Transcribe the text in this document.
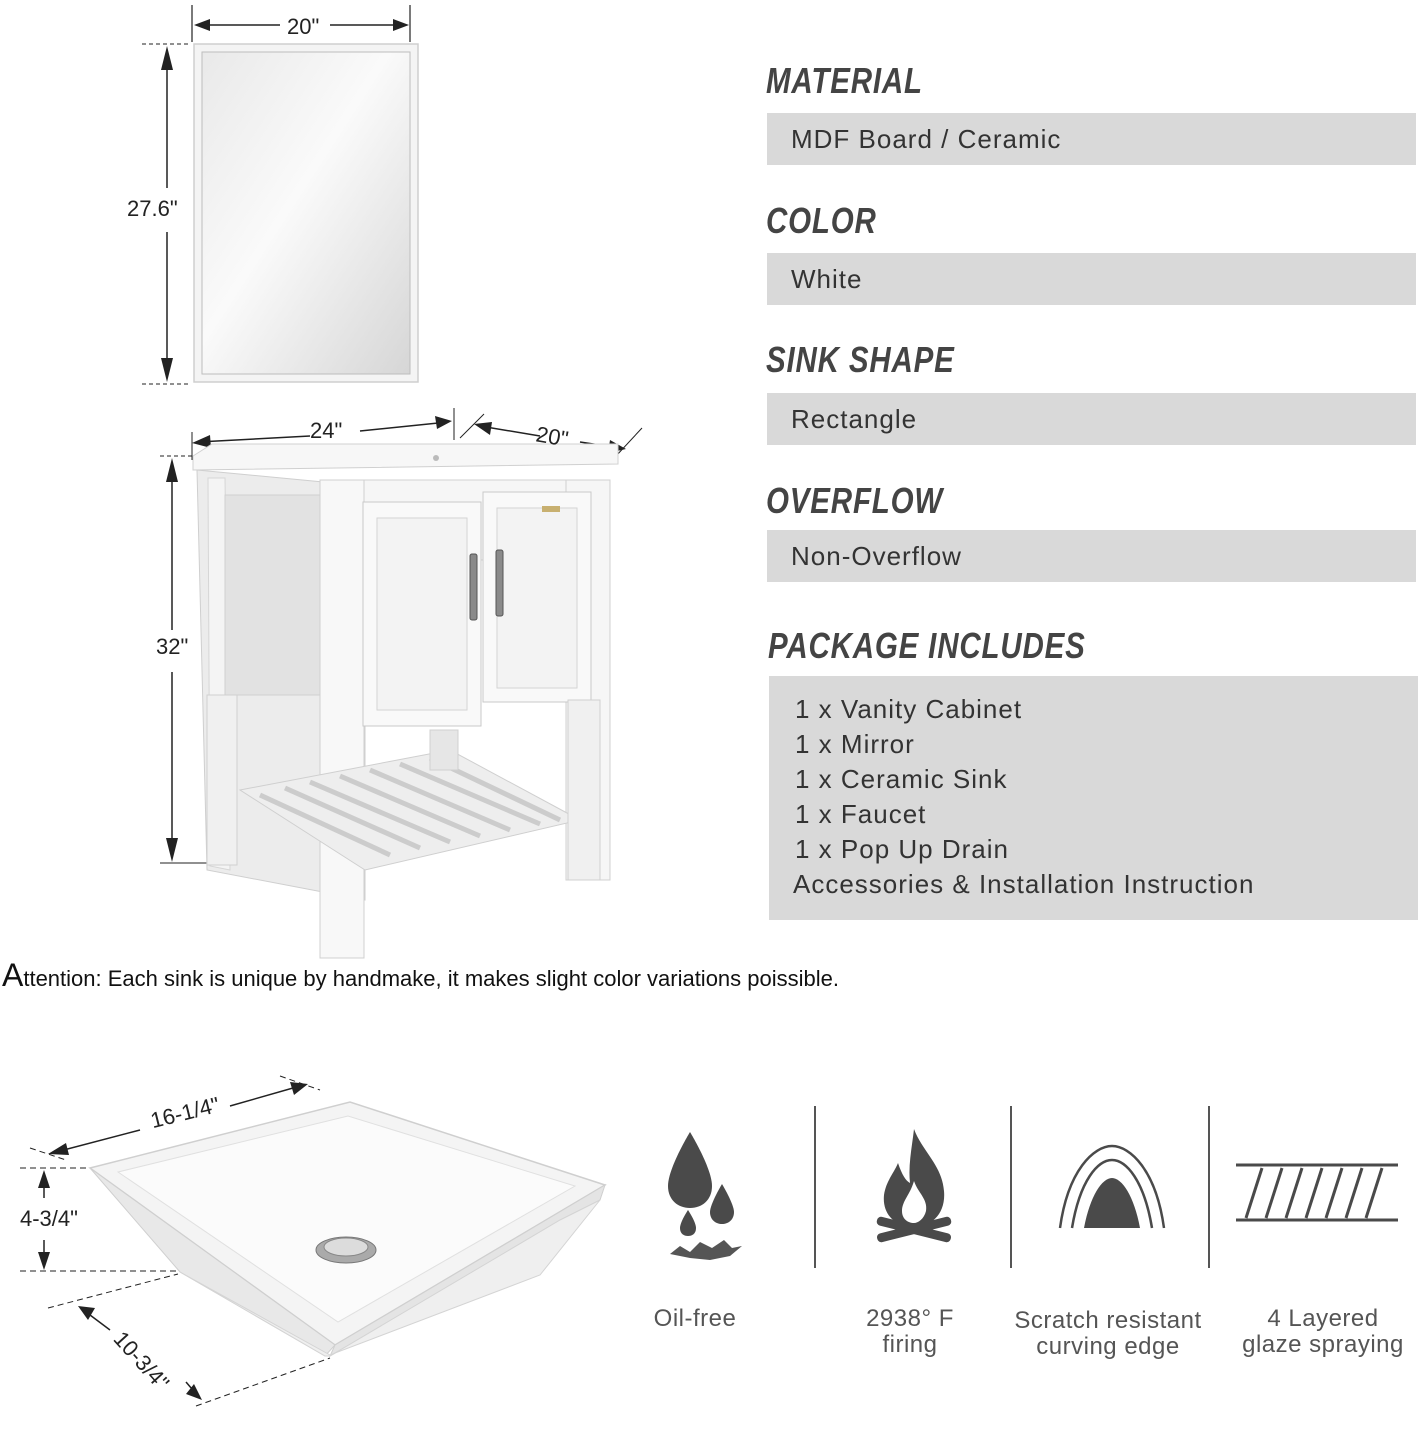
20"
27.6"
24"	20"
32"
MATERIAL
MDF Board / Ceramic
COLOR
White
SINK SHAPE
Rectangle
OVERFLOW
Non-Overflow
PACKAGE INCLUDES
1 x Vanity Cabinet
1 x Mirror
1 x Ceramic Sink
1 x Faucet
1 x Pop Up Drain
Accessories & Installation Instruction
Attention: Each sink is unique by handmake, it makes slight color variations poissible.
16-1/4"
4-3/4"
10-3/4"
Oil-free	2938° F
firing
Scratch resistant
curving edge
4 Layered
glaze spraying
